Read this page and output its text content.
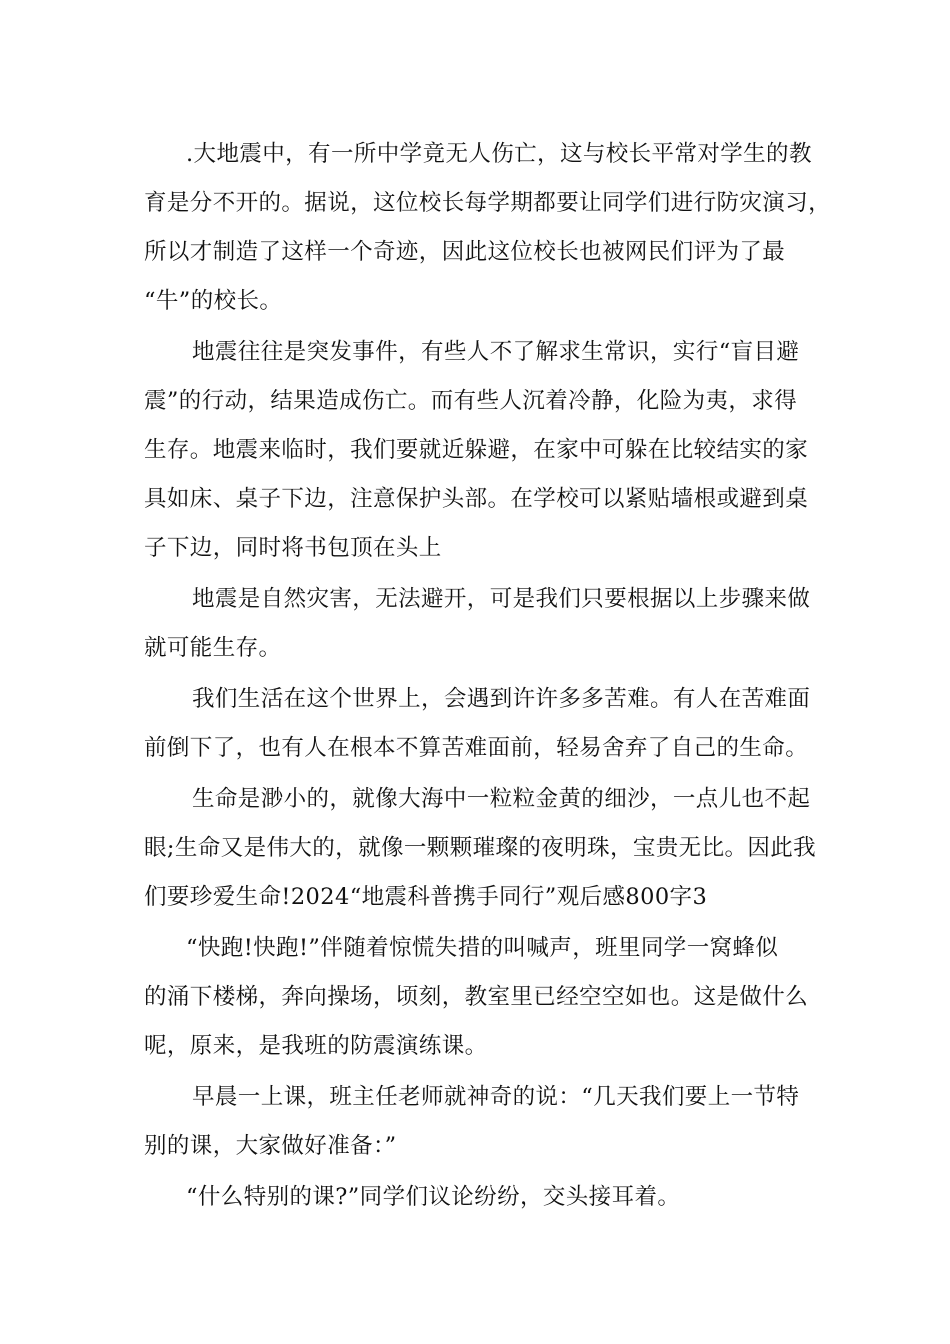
.大地震中，有一所中学竟无人伤亡，这与校长平常对学生的教
育是分不开的。据说，这位校长每学期都要让同学们进行防灾演习，
所以才制造了这样一个奇迹，因此这位校长也被网民们评为了最
“牛”的校长。
地震往往是突发事件，有些人不了解求生常识，实行“盲目避
震”的行动，结果造成伤亡。而有些人沉着冷静，化险为夷，求得
生存。地震来临时，我们要就近躲避，在家中可躲在比较结实的家
具如床、桌子下边，注意保护头部。在学校可以紧贴墙根或避到桌
子下边，同时将书包顶在头上
地震是自然灾害，无法避开，可是我们只要根据以上步骤来做
就可能生存。
我们生活在这个世界上，会遇到许许多多苦难。有人在苦难面
前倒下了，也有人在根本不算苦难面前，轻易舍弃了自己的生命。
生命是渺小的，就像大海中一粒粒金黄的细沙，一点儿也不起
眼;生命又是伟大的，就像一颗颗璀璨的夜明珠，宝贵无比。因此我
们要珍爱生命!2024“地震科普携手同行”观后感800字3
“快跑!快跑!”伴随着惊慌失措的叫喊声，班里同学一窝蜂似
的涌下楼梯，奔向操场，顷刻，教室里已经空空如也。这是做什么
呢，原来，是我班的防震演练课。
早晨一上课，班主任老师就神奇的说：“几天我们要上一节特
别的课，大家做好准备：”
“什么特别的课?”同学们议论纷纷，交头接耳着。
